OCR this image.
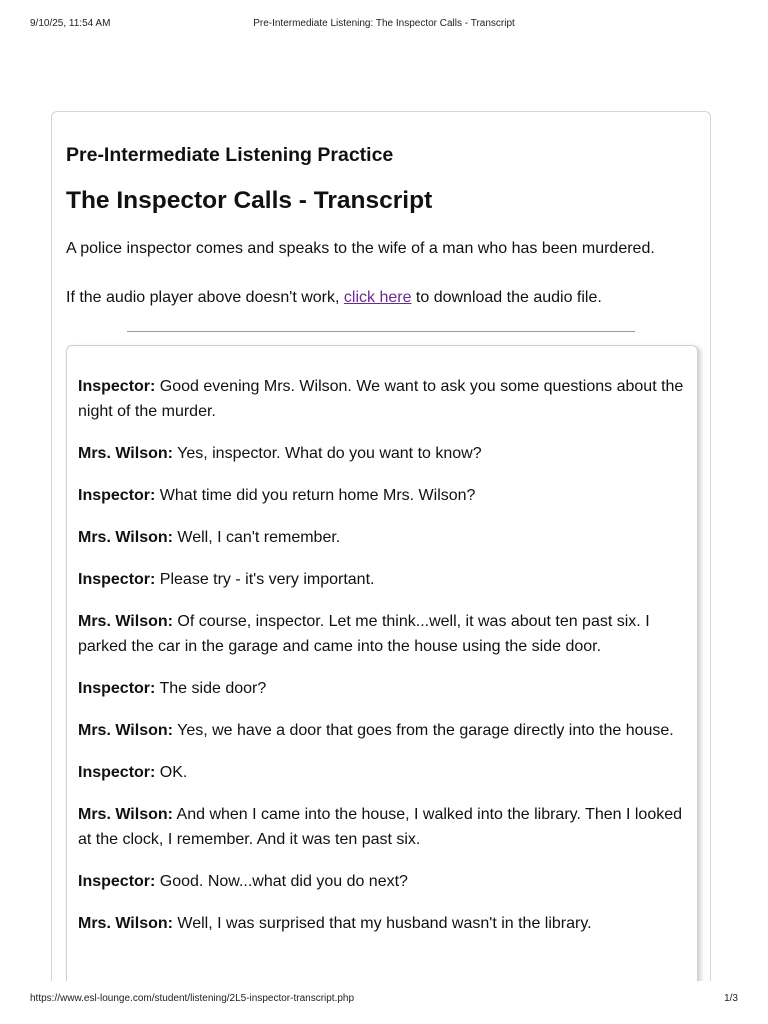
9/10/25, 11:54 AM	Pre-Intermediate Listening: The Inspector Calls - Transcript
Pre-Intermediate Listening Practice
The Inspector Calls - Transcript

A police inspector comes and speaks to the wife of a man who has been murdered.

If the audio player above doesn't work, click here to download the audio file.

Inspector: Good evening Mrs. Wilson. We want to ask you some questions about the night of the murder.

Mrs. Wilson: Yes, inspector. What do you want to know?

Inspector: What time did you return home Mrs. Wilson?

Mrs. Wilson: Well, I can't remember.

Inspector: Please try - it's very important.

Mrs. Wilson: Of course, inspector. Let me think...well, it was about ten past six. I parked the car in the garage and came into the house using the side door.

Inspector: The side door?

Mrs. Wilson: Yes, we have a door that goes from the garage directly into the house.

Inspector: OK.

Mrs. Wilson: And when I came into the house, I walked into the library. Then I looked at the clock, I remember. And it was ten past six.

Inspector: Good. Now...what did you do next?

Mrs. Wilson: Well, I was surprised that my husband wasn't in the library.

https://www.esl-lounge.com/student/listening/2L5-inspector-transcript.php	1/3
